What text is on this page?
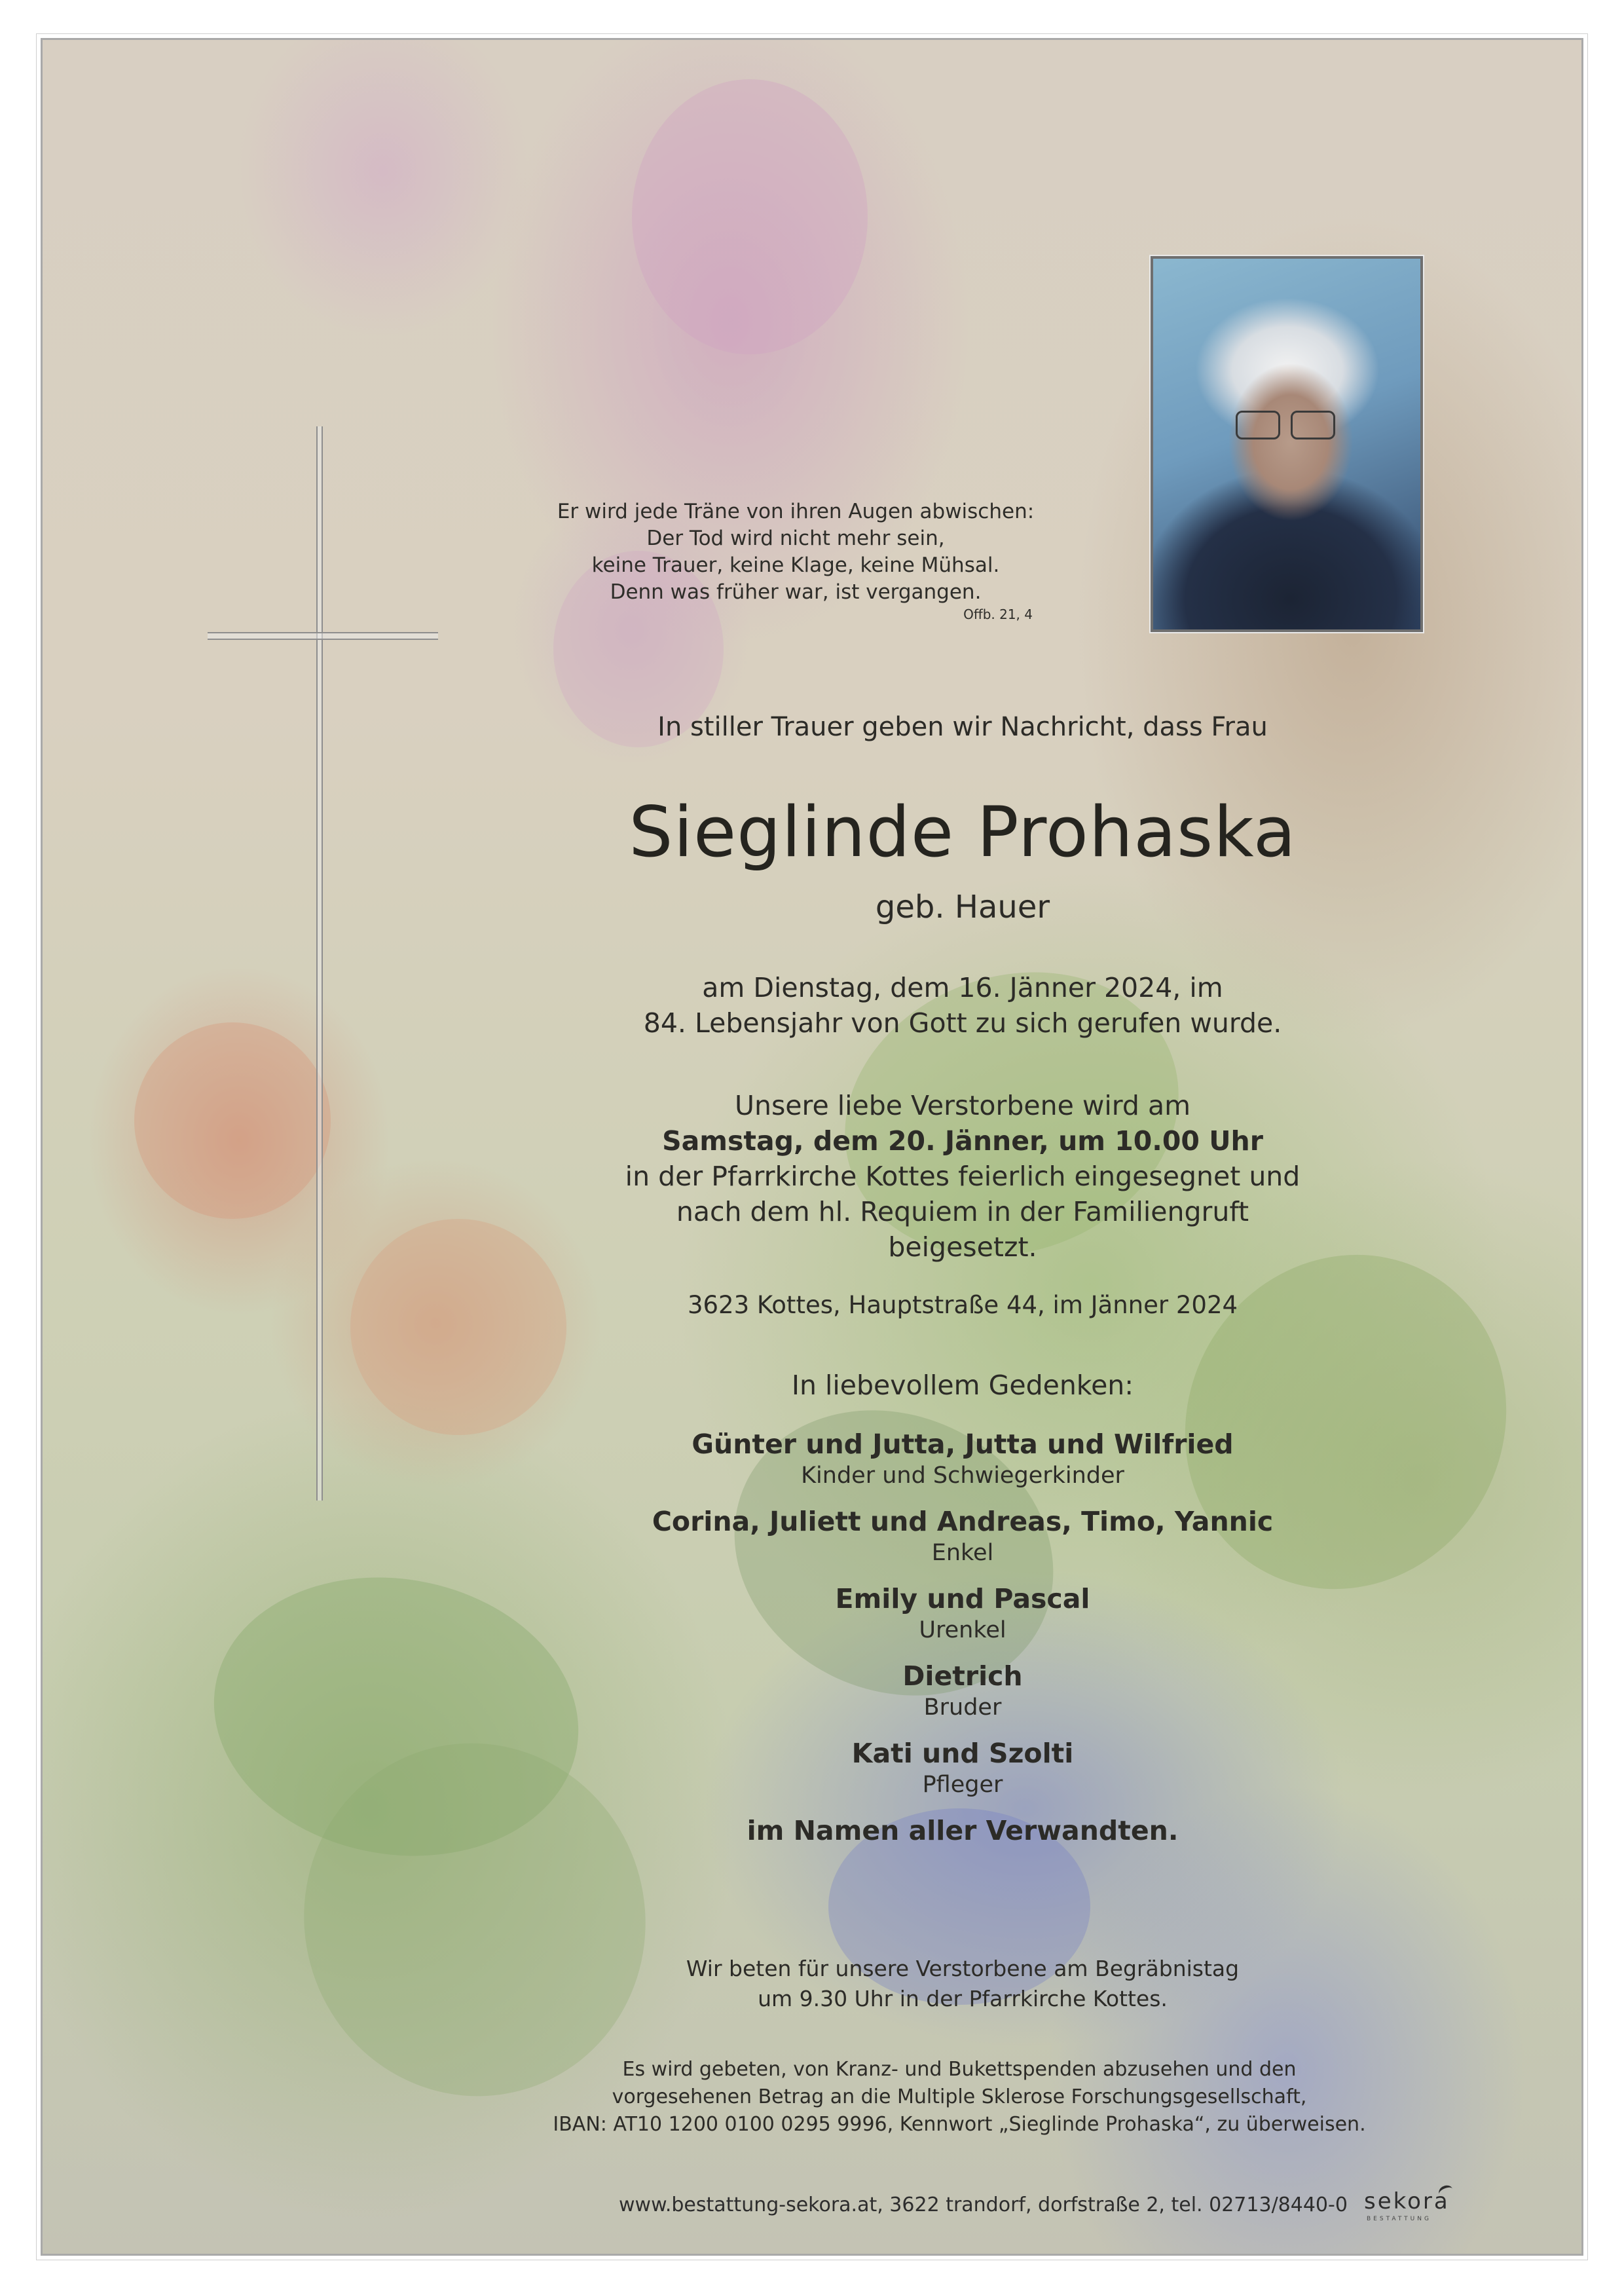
Er wird jede Träne von ihren Augen abwischen:
Der Tod wird nicht mehr sein,
keine Trauer, keine Klage, keine Mühsal.
Denn was früher war, ist vergangen.
Offb. 21, 4
In stiller Trauer geben wir Nachricht, dass Frau
Sieglinde Prohaska
geb. Hauer
am Dienstag, dem 16. Jänner 2024, im
84. Lebensjahr von Gott zu sich gerufen wurde.
Unsere liebe Verstorbene wird am
Samstag, dem 20. Jänner, um 10.00 Uhr
in der Pfarrkirche Kottes feierlich eingesegnet und
nach dem hl. Requiem in der Familiengruft beigesetzt.
3623 Kottes, Hauptstraße 44, im Jänner 2024
In liebevollem Gedenken:
Günter und Jutta, Jutta und Wilfried
Kinder und Schwiegerkinder
Corina, Juliett und Andreas, Timo, Yannic
Enkel
Emily und Pascal
Urenkel
Dietrich
Bruder
Kati und Szolti
Pfleger
im Namen aller Verwandten.
Wir beten für unsere Verstorbene am Begräbnistag
um 9.30 Uhr in der Pfarrkirche Kottes.
Es wird gebeten, von Kranz- und Bukettspenden abzusehen und den
vorgesehenen Betrag an die Multiple Sklerose Forschungsgesellschaft,
IBAN: AT10 1200 0100 0295 9996, Kennwort „Sieglinde Prohaska“, zu überweisen.
www.bestattung-sekora.at, 3622 trandorf, dorfstraße 2, tel. 02713/8440-0 sekora
BESTATTUNG
